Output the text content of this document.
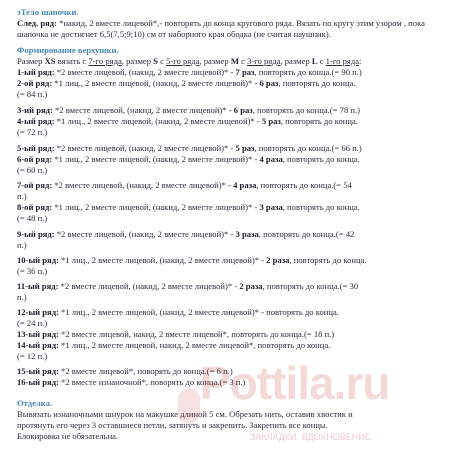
эТело шапочки.

След. ряд: *накид, 2 вместе лицевой*,- повторять до конца кругового ряда. Вязать по кругу этим узором , пока шапочка не достигнет 6,5(7,5;9;10) см от наборного края ободка (не считая наушник).

Формирование верхушки.

Размер XS вязать с 7-го ряда, размер S с 5-го ряда, размер M с 3-го ряда, размер L с 1-го ряда:

1-ый ряд: *2 вместе лицевой, (накид, 2 вместе лицевой)* - 7 раз, повторять до конца.(= 90 п.)

2-ой ряд: *1 лиц., 2 вместе лицевой, (накид, 2 вместе лицевой)* - 6 раз, повторять до конца.

(= 84 п.)

3-ий ряд: *2 вместе лицевой, (накид, 2 вместе лицевой)* - 6 раз, повторять до конца.(= 78 п.)

4-ый ряд: *1 лиц., 2 вместе лицевой, (накид, 2 вместе лицевой)* - 5 раз, повторять до конца.

(= 72 п.)

5-ый ряд: *2 вместе лицевой, (накид, 2 вместе лицевой)* - 5 раз, повторять до конца.(= 66 п.)

6-ой ряд: *1 лиц., 2 вместе лицевой, (накид, 2 вместе лицевой)* - 4 раза, повторять до конца.

(= 60 п.)

7-ой ряд: *2 вместе лицевой, (накид, 2 вместе лицевой)* - 4 раза, повторять до конца.(= 54

п.)

8-ой ряд: *1 лиц., 2 вместе лицевой, (накид, 2 вместе лицевой)* - 3 раза, повторять до конца.

(= 48 п.)

9-ый ряд: *2 вместе лицевой, (накид, 2 вместе лицевой)* - 3 раза, повторять до конца.(= 42

п.)

10-ый ряд: *1 лиц., 2 вместе лицевой, (накид, 2 вместе лицевой)* - 2 раза, повторять до конца.

(= 36 п.)

11-ый ряд: *2 вместе лицевой, (накид, 2 вместе лицевой)* - 2 раза, повторять до конца.(= 30

п.)

12-ый ряд: *1 лиц., 2 вместе лицевой, (накид, 2 вместе лицевой)* - повторять до конца.

(= 24 п.)

13-ый ряд: *2 вместе лицевой, накид, 2 вместе лицевой*, повторять до конца.(= 18 п.)

14-ый ряд: *1 лиц., 2 вместе лицевой, накид, 2 вместе лицевой*, повторять до конца.

(= 12 п.)

15-ый ряд: *2 вместе лицевой*, поворять до конца.(= 6 п.)

16-ый ряд: *2 вместе изнаночной*, поворять до конца.(= 3 п.)

Отделка.

Вывязать изнаночными шнурок на макушке длиной 5 см. Обрезать нить, оставив хвостик и

протянуть его через 3 оставшиеся петли, затянуть и закрепить. Закрепить все концы.

Блокировка не обязательна.

Pottila.ru
ЗАКЛАДКИ. ВДОХНОВЕНИЕ
